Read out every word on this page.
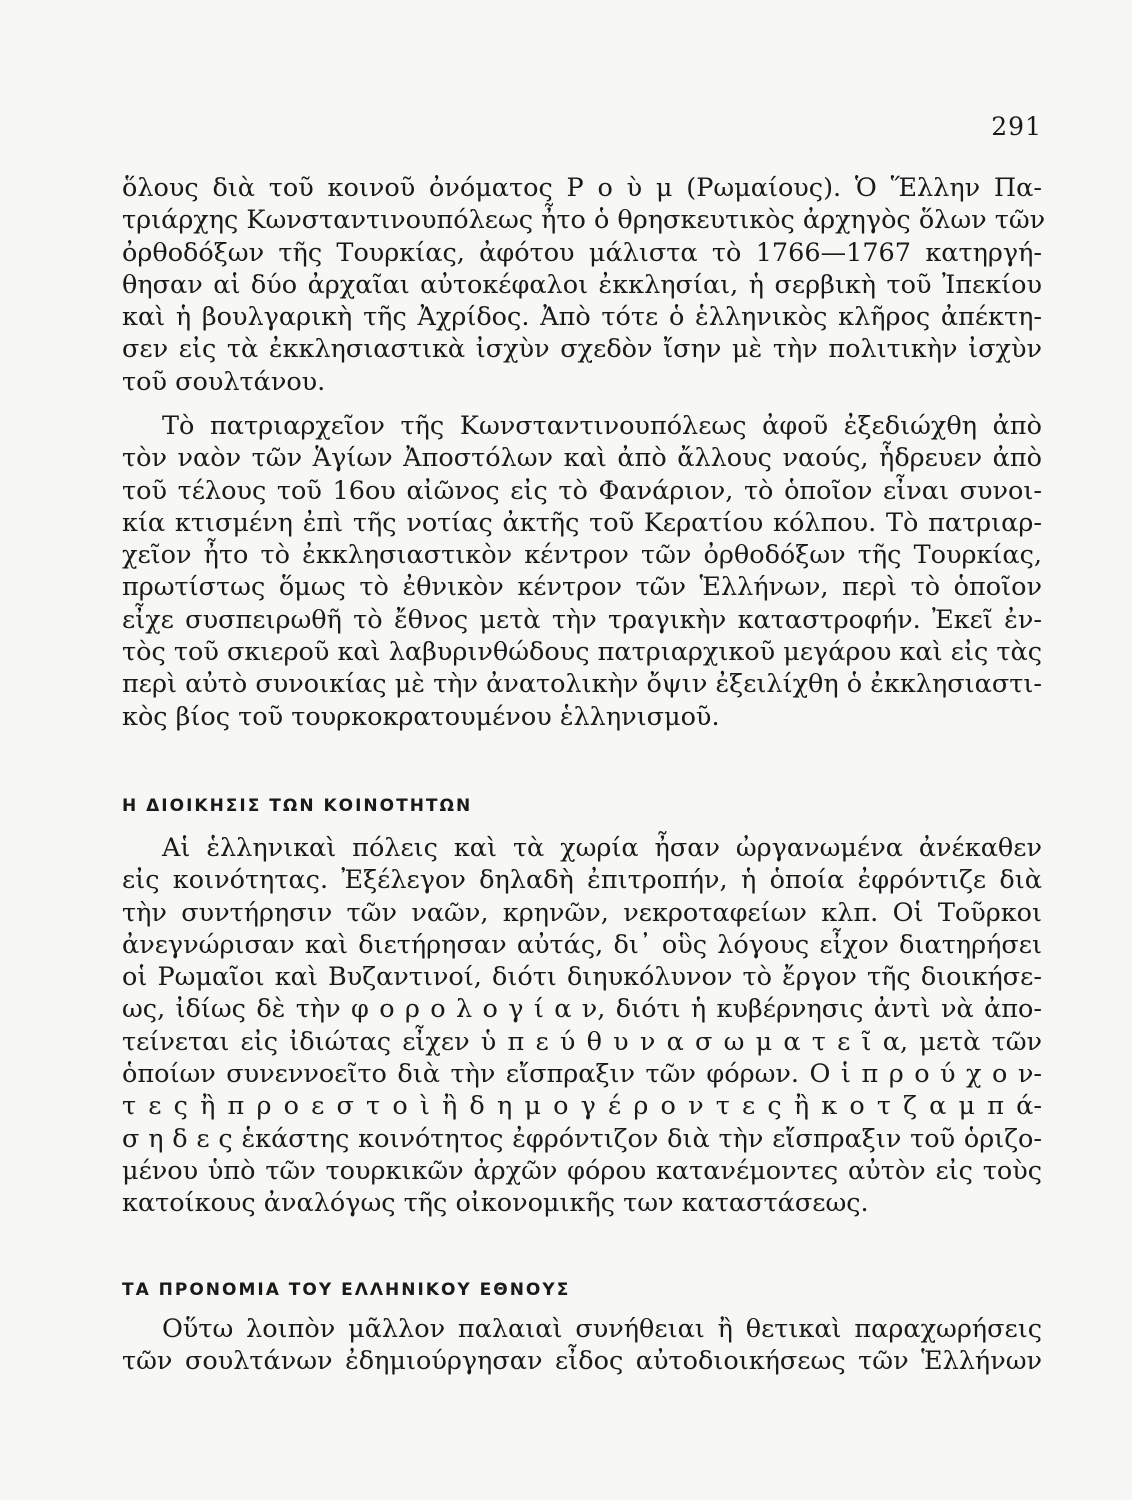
291
ὅλους διὰ τοῦ κοινοῦ ὀνόματος Ρ ο ὺ μ (Ρωμαίους). Ὁ Ἕλλην Πα-
τριάρχης Κωνσταντινουπόλεως ἦτο ὁ θρησκευτικὸς ἀρχηγὸς ὅλων τῶν
ὀρθοδόξων τῆς Τουρκίας, ἀφότου μάλιστα τὸ 1766—1767 κατηργή-
θησαν αἱ δύο ἀρχαῖαι αὐτοκέφαλοι ἐκκλησίαι, ἡ σερβικὴ τοῦ Ἰπεκίου
καὶ ἡ βουλγαρικὴ τῆς Ἀχρίδος. Ἀπὸ τότε ὁ ἑλληνικὸς κλῆρος ἀπέκτη-
σεν εἰς τὰ ἐκκλησιαστικὰ ἰσχὺν σχεδὸν ἴσην μὲ τὴν πολιτικὴν ἰσχὺν
τοῦ σουλτάνου.
Τὸ πατριαρχεῖον τῆς Κωνσταντινουπόλεως ἀφοῦ ἐξεδιώχθη ἀπὸ
τὸν ναὸν τῶν Ἁγίων Ἀποστόλων καὶ ἀπὸ ἄλλους ναούς, ἧδρευεν ἀπὸ
τοῦ τέλους τοῦ 16ου αἰῶνος εἰς τὸ Φανάριον, τὸ ὁποῖον εἶναι συνοι-
κία κτισμένη ἐπὶ τῆς νοτίας ἀκτῆς τοῦ Κερατίου κόλπου. Τὸ πατριαρ-
χεῖον ἦτο τὸ ἐκκλησιαστικὸν κέντρον τῶν ὀρθοδόξων τῆς Τουρκίας,
πρωτίστως ὅμως τὸ ἐθνικὸν κέντρον τῶν Ἑλλήνων, περὶ τὸ ὁποῖον
εἶχε συσπειρωθῆ τὸ ἔθνος μετὰ τὴν τραγικὴν καταστροφήν. Ἐκεῖ ἐν-
τὸς τοῦ σκιεροῦ καὶ λαβυρινθώδους πατριαρχικοῦ μεγάρου καὶ εἰς τὰς
περὶ αὐτὸ συνοικίας μὲ τὴν ἀνατολικὴν ὄψιν ἐξειλίχθη ὁ ἐκκλησιαστι-
κὸς βίος τοῦ τουρκοκρατουμένου ἑλληνισμοῦ.
Η ΔΙΟΙΚΗΣΙΣ ΤΩΝ ΚΟΙΝΟΤΗΤΩΝ
Αἱ ἑλληνικαὶ πόλεις καὶ τὰ χωρία ἦσαν ὠργανωμένα ἀνέκαθεν
εἰς κοινότητας. Ἐξέλεγον δηλαδὴ ἐπιτροπήν, ἡ ὁποία ἐφρόντιζε διὰ
τὴν συντήρησιν τῶν ναῶν, κρηνῶν, νεκροταφείων κλπ. Οἱ Τοῦρκοι
ἀνεγνώρισαν καὶ διετήρησαν αὐτάς, δι᾽ οὓς λόγους εἶχον διατηρήσει
οἱ Ρωμαῖοι καὶ Βυζαντινοί, διότι διηυκόλυνον τὸ ἔργον τῆς διοικήσε-
ως, ἰδίως δὲ τὴν φ ο ρ ο λ ο γ ί α ν, διότι ἡ κυβέρνησις ἀντὶ νὰ ἀπο-
τείνεται εἰς ἰδιώτας εἶχεν ὑ π ε ύ θ υ ν α σ ω μ α τ ε ῖ α, μετὰ τῶν
ὁποίων συνεννοεῖτο διὰ τὴν εἴσπραξιν τῶν φόρων. Ο ἱ π ρ ο ύ χ ο ν-
τ ε ς ἢ π ρ ο ε σ τ ο ὶ ἢ δ η μ ο γ έ ρ ο ν τ ε ς ἢ κ ο τ ζ α μ π ά-
σ η δ ε ς ἑκάστης κοινότητος ἐφρόντιζον διὰ τὴν εἴσπραξιν τοῦ ὁριζο-
μένου ὑπὸ τῶν τουρκικῶν ἀρχῶν φόρου κατανέμοντες αὐτὸν εἰς τοὺς
κατοίκους ἀναλόγως τῆς οἰκονομικῆς των καταστάσεως.
ΤΑ ΠΡΟΝΟΜΙΑ ΤΟΥ ΕΛΛΗΝΙΚΟΥ ΕΘΝΟΥΣ
Οὕτω λοιπὸν μᾶλλον παλαιαὶ συνήθειαι ἢ θετικαὶ παραχωρήσεις
τῶν σουλτάνων ἐδημιούργησαν εἶδος αὐτοδιοικήσεως τῶν Ἑλλήνων
